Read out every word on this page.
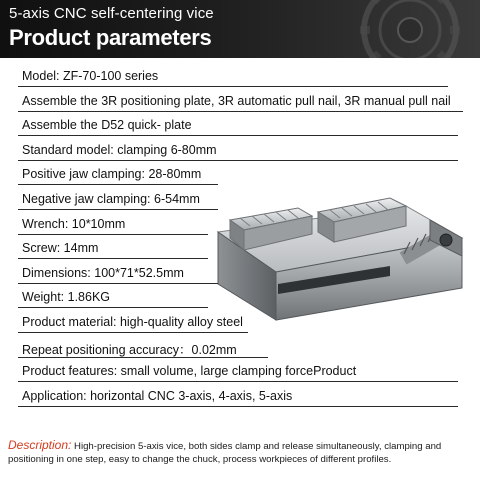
5-axis CNC self-centering vice
Product parameters
Model: ZF-70-100 series
Assemble the 3R positioning plate, 3R automatic pull nail, 3R manual pull nail
Assemble the D52 quick- plate
Standard model: clamping 6-80mm
Positive jaw clamping: 28-80mm
Negative jaw clamping: 6-54mm
Wrench: 10*10mm
Screw: 14mm
Dimensions: 100*71*52.5mm
Weight: 1.86KG
Product material: high-quality alloy steel
Repeat positioning accuracy：0.02mm
Product features: small volume, large clamping forceProduct
Application: horizontal CNC 3-axis, 4-axis, 5-axis
Description: High-precision 5-axis vice, both sides clamp and release simultaneously, clamping and positioning in one step, easy to change the chuck, process workpieces of different profiles.
